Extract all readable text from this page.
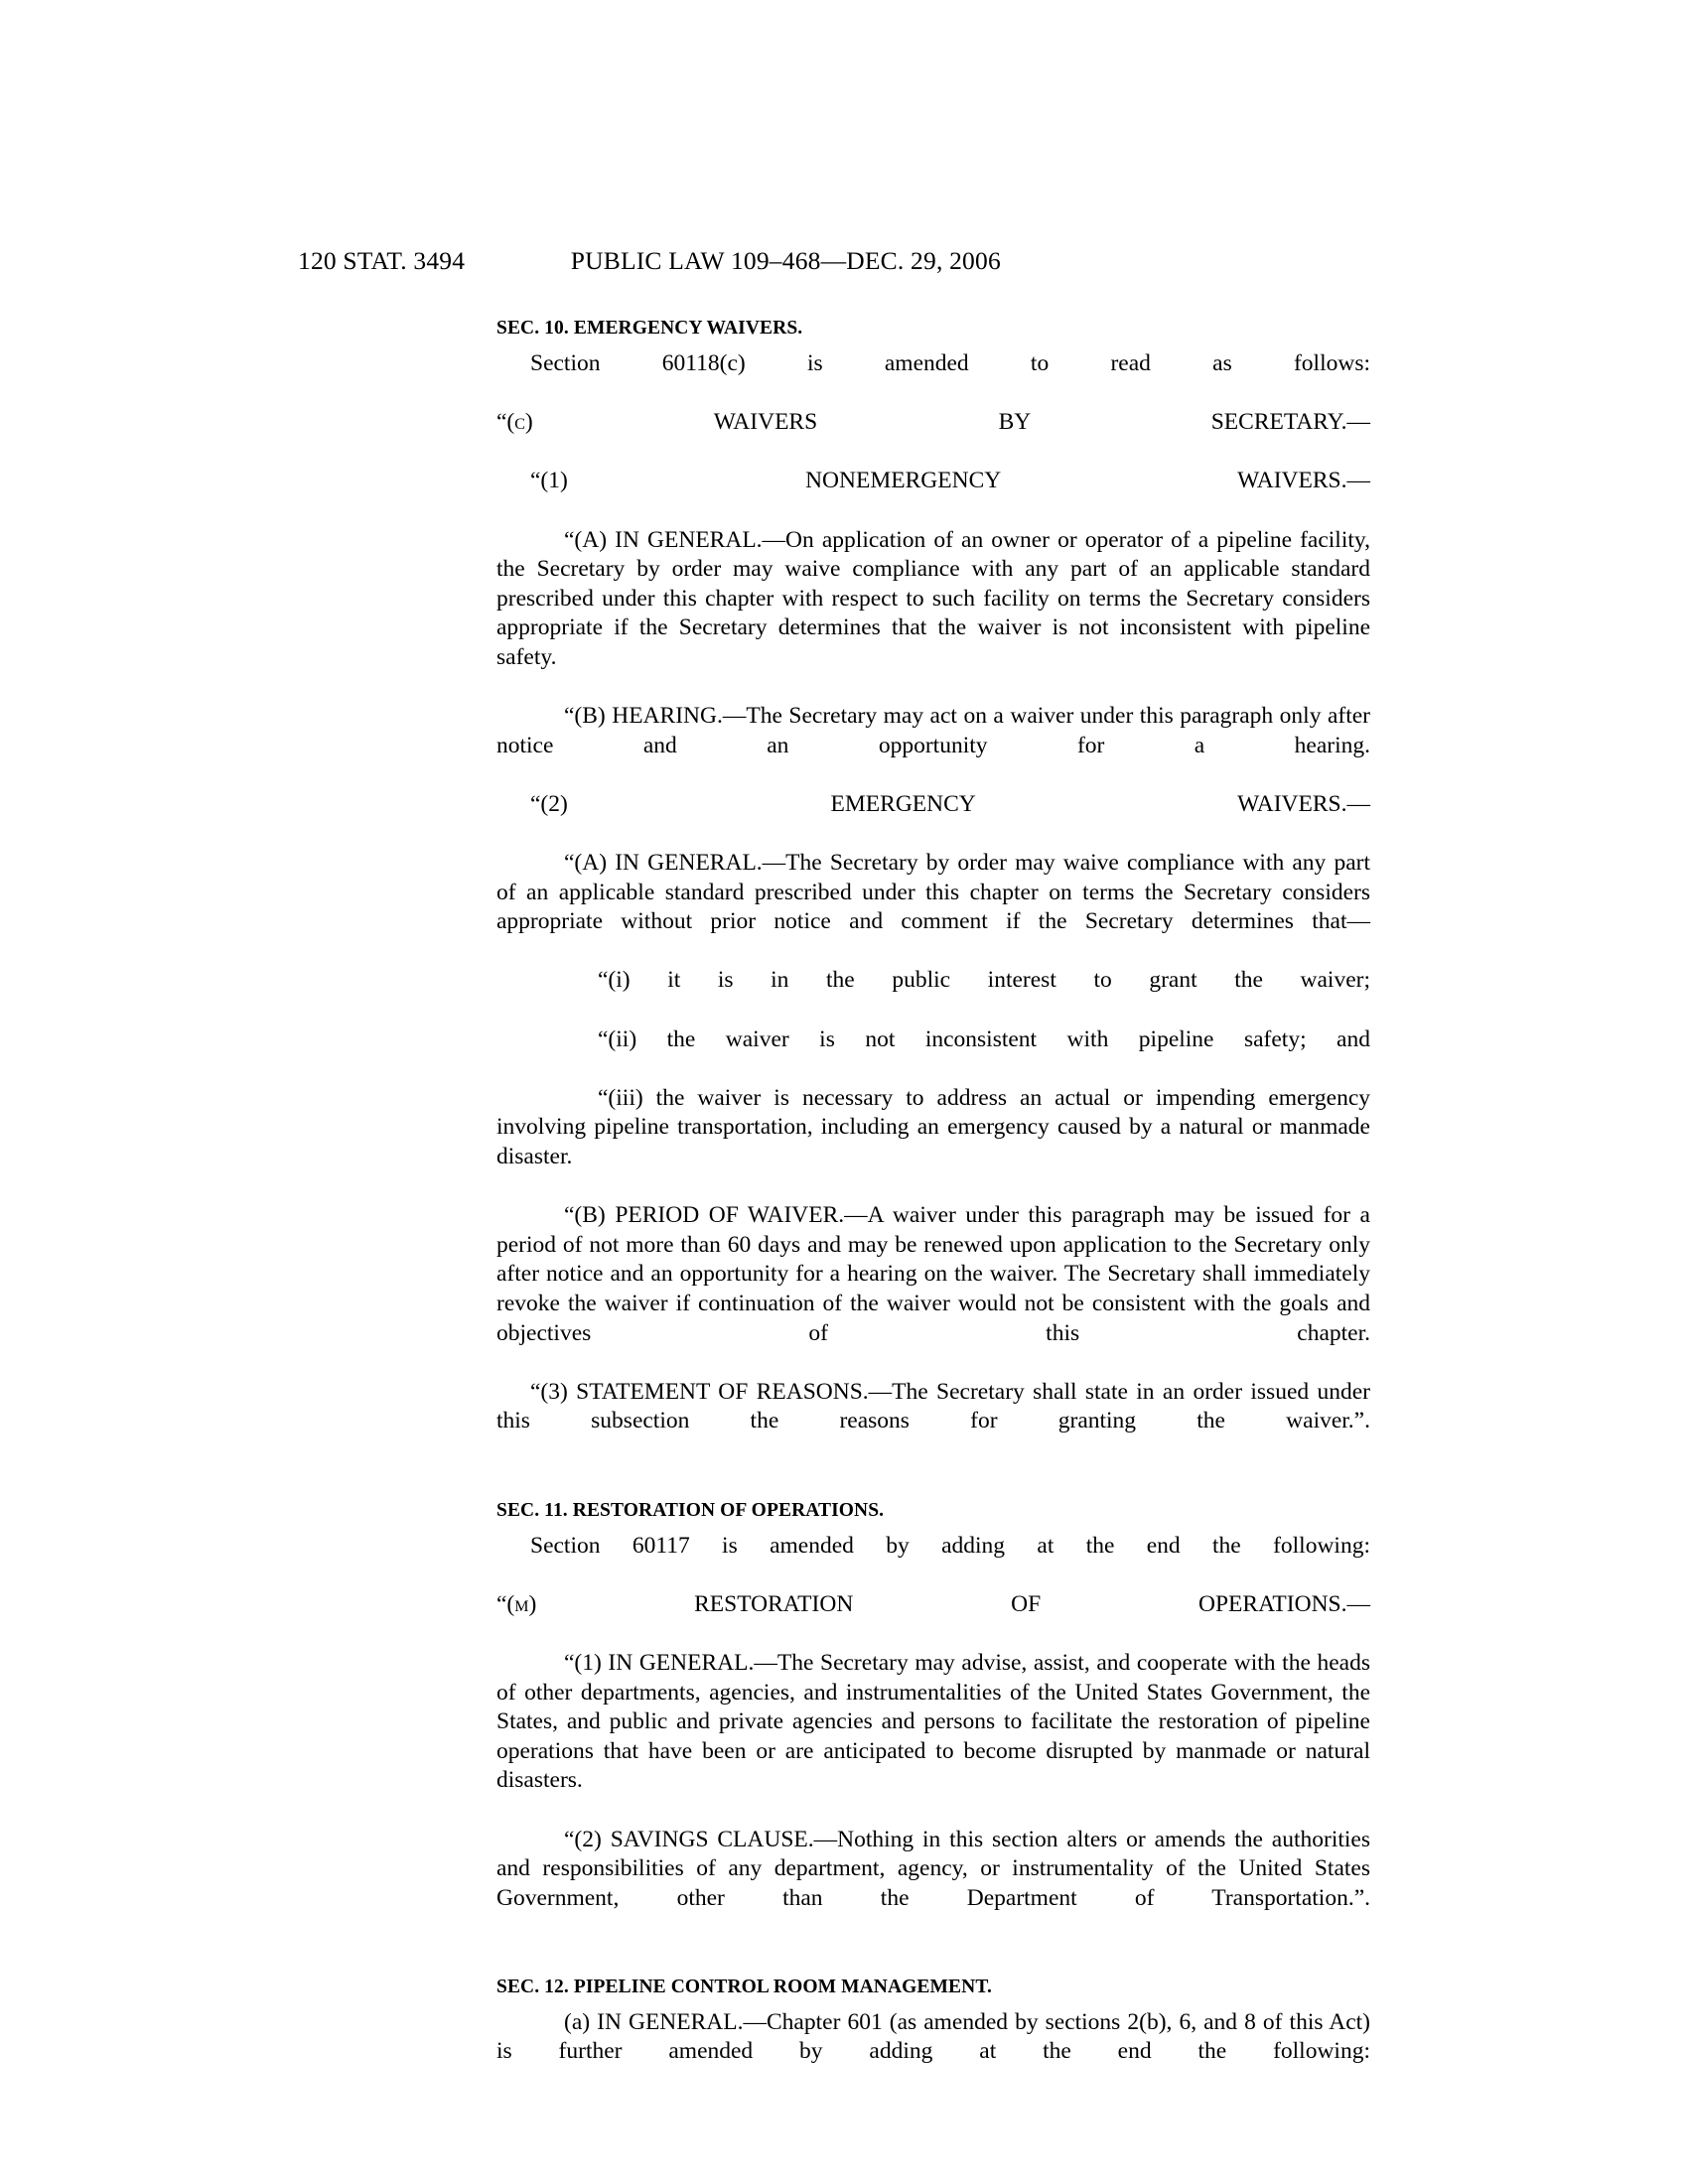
120 STAT. 3494	PUBLIC LAW 109–468—DEC. 29, 2006
SEC. 10. EMERGENCY WAIVERS.

Section 60118(c) is amended to read as follows:

“(c) WAIVERS BY SECRETARY.—

“(1) NONEMERGENCY WAIVERS.—

“(A) IN GENERAL.—On application of an owner or operator of a pipeline facility, the Secretary by order may waive compliance with any part of an applicable standard prescribed under this chapter with respect to such facility on terms the Secretary considers appropriate if the Secretary determines that the waiver is not inconsistent with pipeline safety.

“(B) HEARING.—The Secretary may act on a waiver under this paragraph only after notice and an opportunity for a hearing.

“(2) EMERGENCY WAIVERS.—

“(A) IN GENERAL.—The Secretary by order may waive compliance with any part of an applicable standard prescribed under this chapter on terms the Secretary considers appropriate without prior notice and comment if the Secretary determines that—

“(i) it is in the public interest to grant the waiver;

“(ii) the waiver is not inconsistent with pipeline safety; and

“(iii) the waiver is necessary to address an actual or impending emergency involving pipeline transportation, including an emergency caused by a natural or manmade disaster.

“(B) PERIOD OF WAIVER.—A waiver under this paragraph may be issued for a period of not more than 60 days and may be renewed upon application to the Secretary only after notice and an opportunity for a hearing on the waiver. The Secretary shall immediately revoke the waiver if continuation of the waiver would not be consistent with the goals and objectives of this chapter.

“(3) STATEMENT OF REASONS.—The Secretary shall state in an order issued under this subsection the reasons for granting the waiver.”.

SEC. 11. RESTORATION OF OPERATIONS.

Section 60117 is amended by adding at the end the following:

“(m) RESTORATION OF OPERATIONS.—

“(1) IN GENERAL.—The Secretary may advise, assist, and cooperate with the heads of other departments, agencies, and instrumentalities of the United States Government, the States, and public and private agencies and persons to facilitate the restoration of pipeline operations that have been or are anticipated to become disrupted by manmade or natural disasters.

“(2) SAVINGS CLAUSE.—Nothing in this section alters or amends the authorities and responsibilities of any department, agency, or instrumentality of the United States Government, other than the Department of Transportation.”.

SEC. 12. PIPELINE CONTROL ROOM MANAGEMENT.

(a) IN GENERAL.—Chapter 601 (as amended by sections 2(b), 6, and 8 of this Act) is further amended by adding at the end the following:
